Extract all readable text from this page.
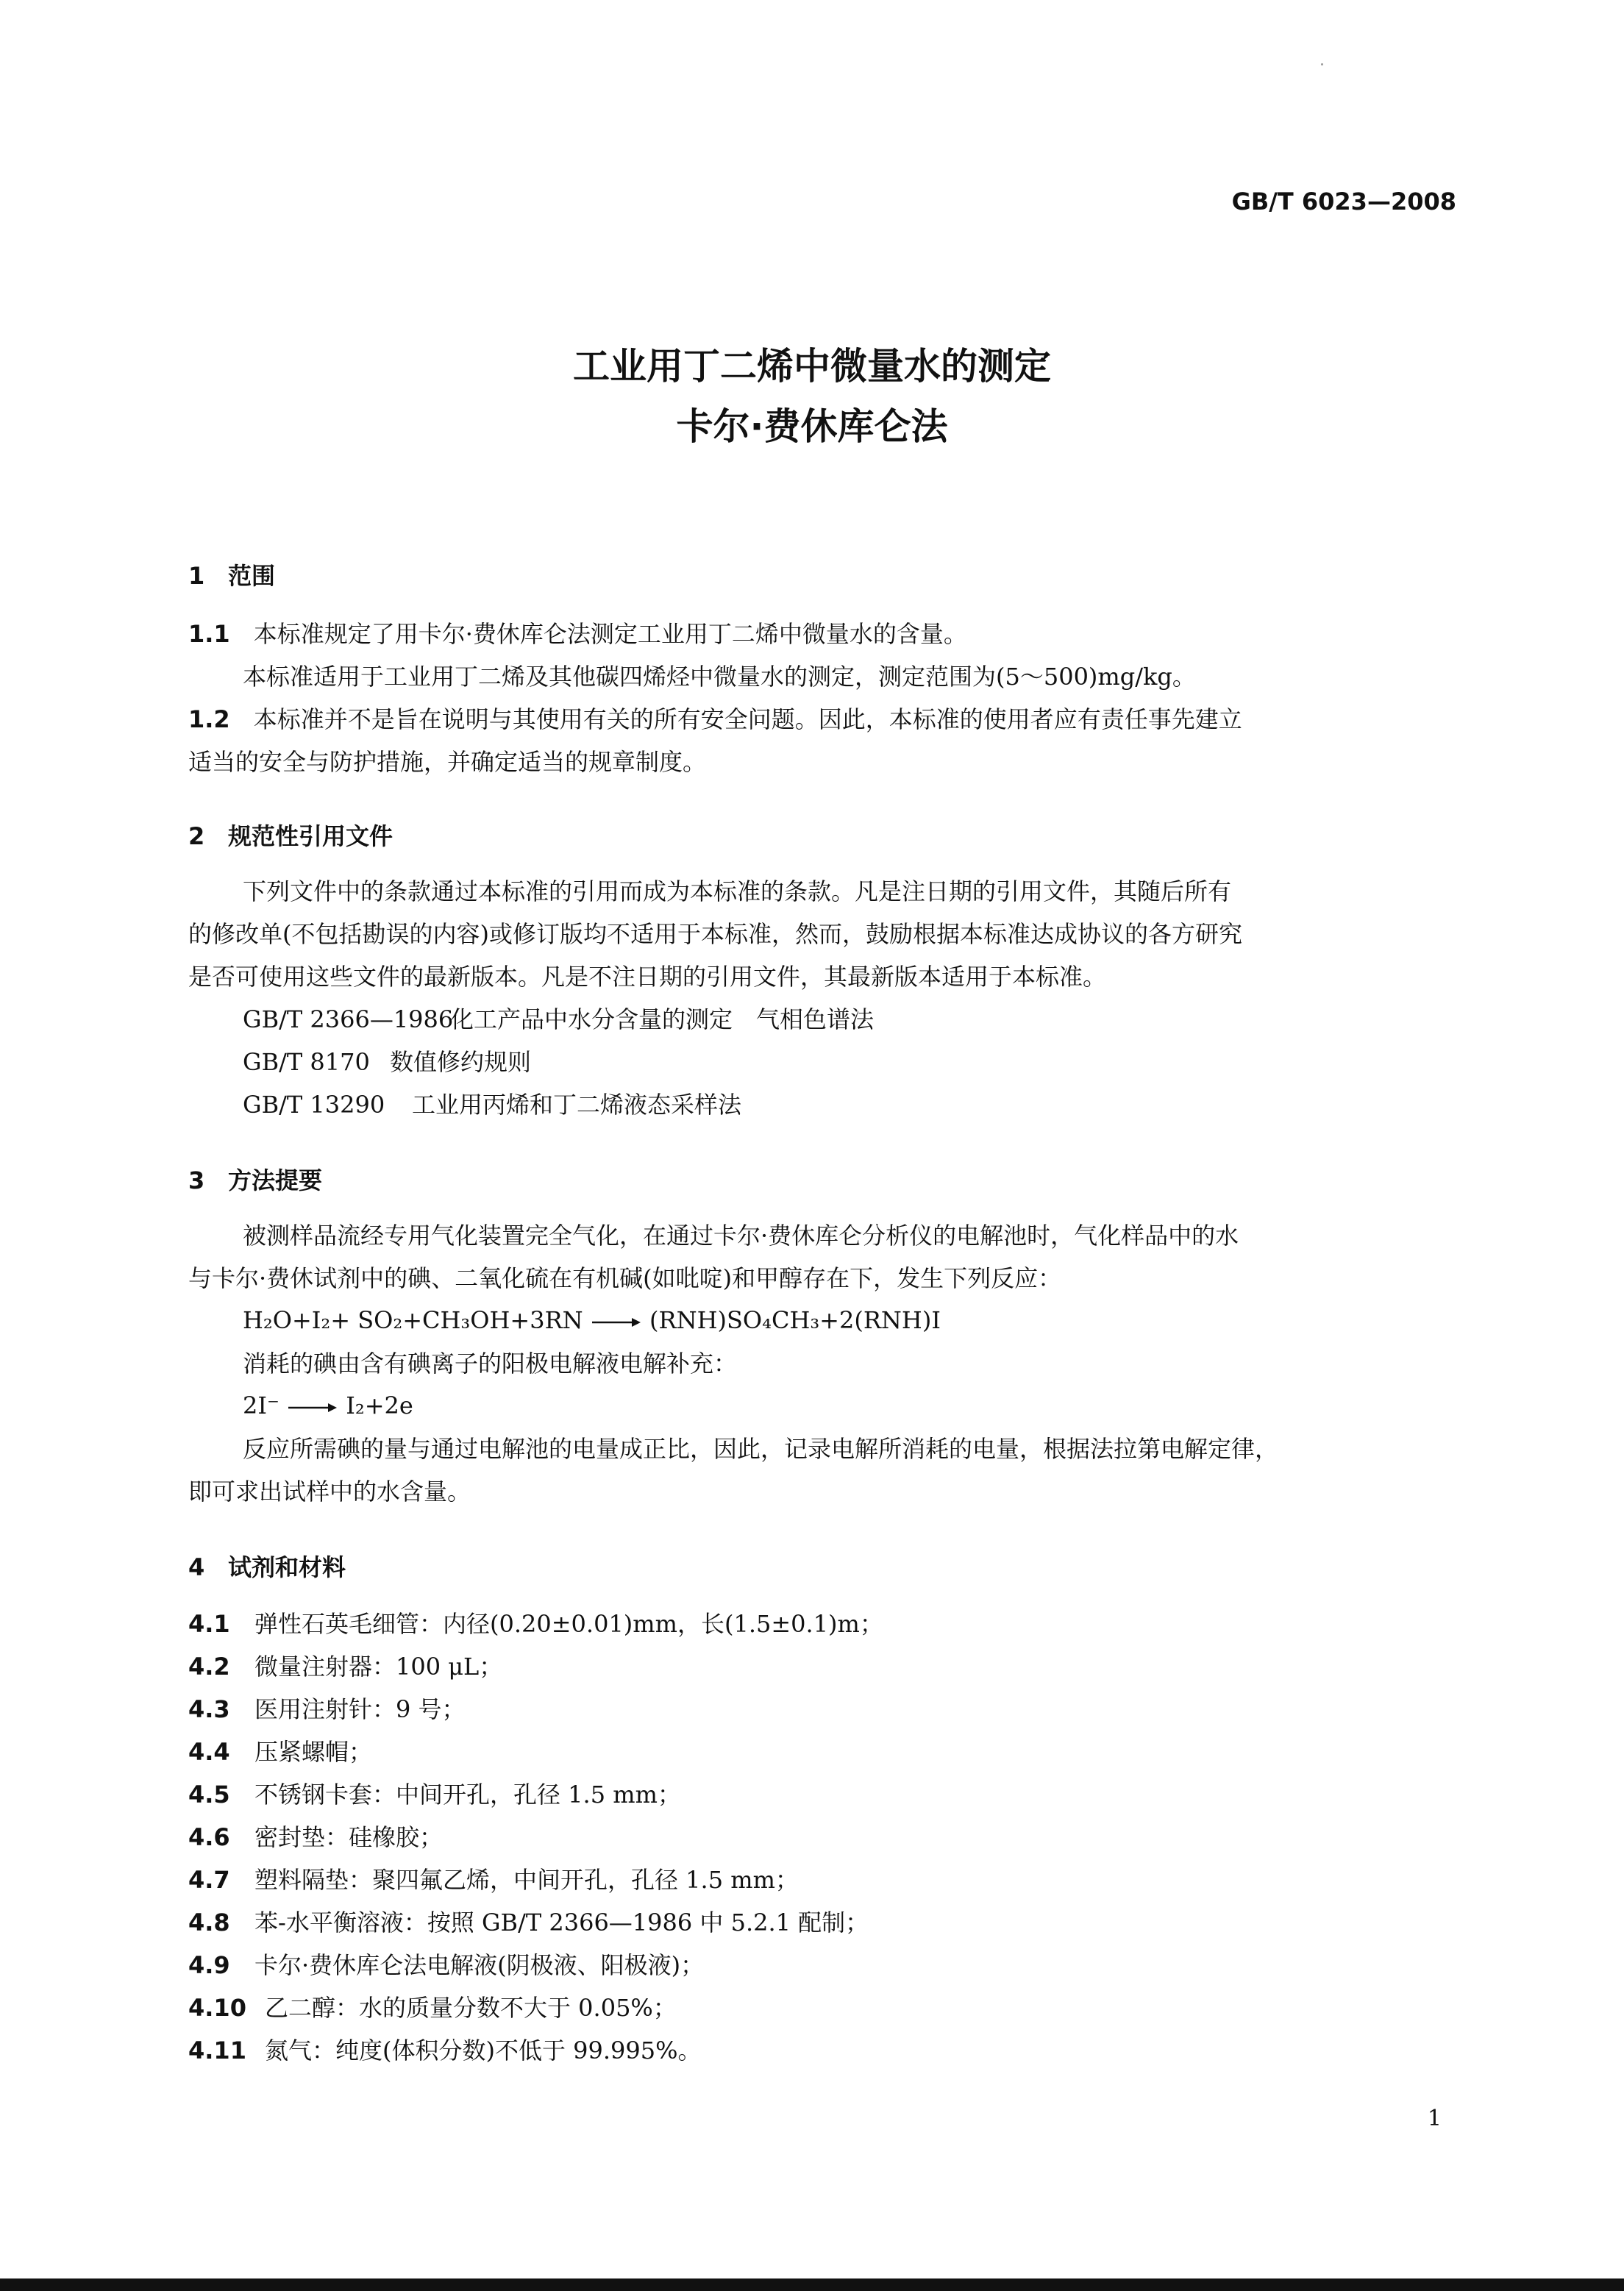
GB/T 6023—2008
工业用丁二烯中微量水的测定
卡尔·费休库仑法
1 范围
1.1　 本标准规定了用卡尔·费休库仑法测定工业用丁二烯中微量水的含量。
本标准适用于工业用丁二烯及其他碳四烯烃中微量水的测定，测定范围为(5～500)mg/kg。
1.2　 本标准并不是旨在说明与其使用有关的所有安全问题。因此，本标准的使用者应有责任事先建立
适当的安全与防护措施，并确定适当的规章制度。
2 规范性引用文件
下列文件中的条款通过本标准的引用而成为本标准的条款。凡是注日期的引用文件，其随后所有
的修改单(不包括勘误的内容)或修订版均不适用于本标准，然而，鼓励根据本标准达成协议的各方研究
是否可使用这些文件的最新版本。凡是不注日期的引用文件，其最新版本适用于本标准。
GB/T 2366—1986　化工产品中水分含量的测定　气相色谱法
GB/T 8170 数值修约规则
GB/T 13290 工业用丙烯和丁二烯液态采样法
3 方法提要
被测样品流经专用气化装置完全气化，在通过卡尔·费休库仑分析仪的电解池时，气化样品中的水
与卡尔·费休试剂中的碘、二氧化硫在有机碱(如吡啶)和甲醇存在下，发生下列反应：
H₂O+I₂+ SO₂+CH₃OH+3RN → (RNH)SO₄CH₃+2(RNH)I
消耗的碘由含有碘离子的阳极电解液电解补充：
2I⁻ → I₂+2e
反应所需碘的量与通过电解池的电量成正比，因此，记录电解所消耗的电量，根据法拉第电解定律，
即可求出试样中的水含量。
4 试剂和材料
4.1 弹性石英毛细管：内径(0.20±0.01)mm，长(1.5±0.1)m；
4.2 微量注射器：100 μL；
4.3 医用注射针：9 号；
4.4 压紧螺帽；
4.5 不锈钢卡套：中间开孔，孔径 1.5 mm；
4.6 密封垫：硅橡胶；
4.7 塑料隔垫：聚四氟乙烯，中间开孔，孔径 1.5 mm；
4.8 苯-水平衡溶液：按照 GB/T 2366—1986 中 5.2.1 配制；
4.9 卡尔·费休库仑法电解液(阴极液、阳极液)；
4.10 乙二醇：水的质量分数不大于 0.05%；
4.11 氮气：纯度(体积分数)不低于 99.995%。
1
